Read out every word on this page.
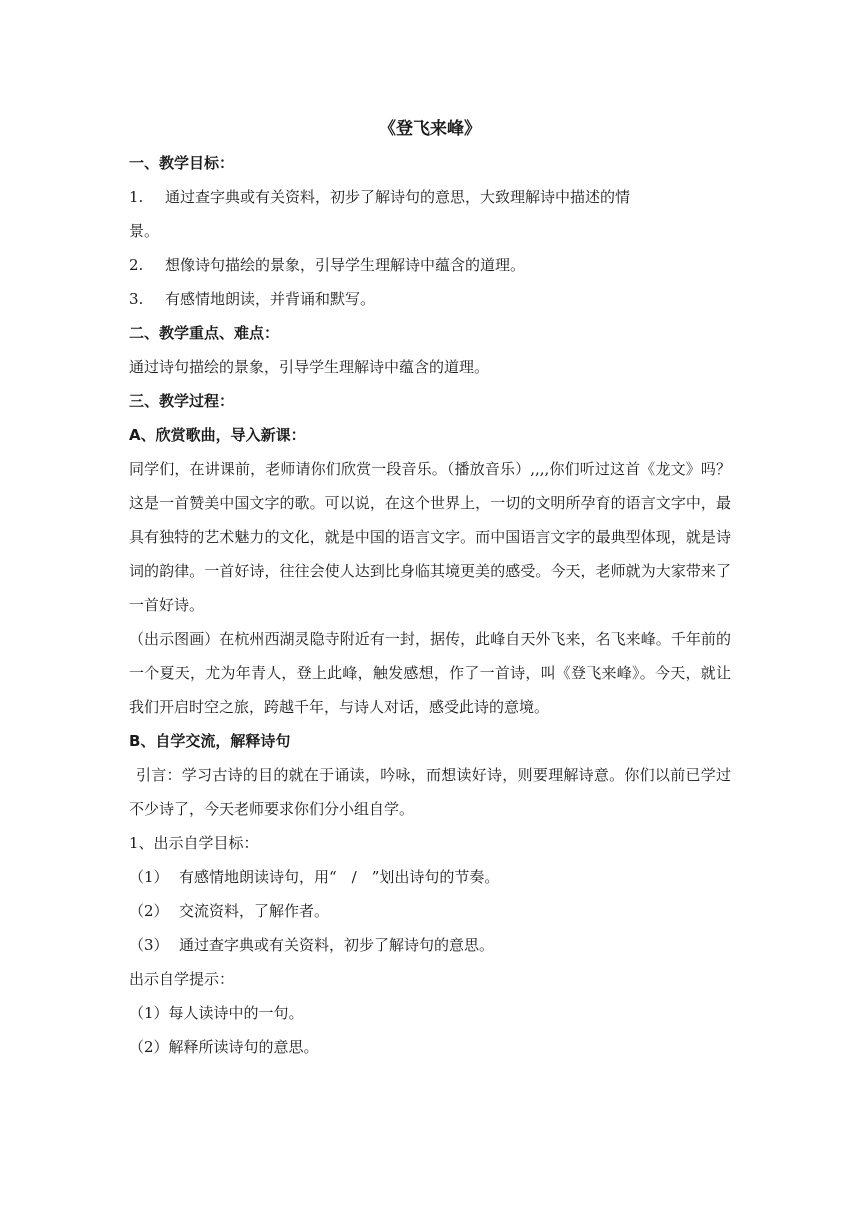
《登飞来峰》

一、教学目标：

1. 通过查字典或有关资料，初步了解诗句的意思，大致理解诗中描述的情

景。

2. 想像诗句描绘的景象，引导学生理解诗中蕴含的道理。

3. 有感情地朗读，并背诵和默写。

二、教学重点、难点：

通过诗句描绘的景象，引导学生理解诗中蕴含的道理。

三、教学过程：

A、欣赏歌曲，导入新课：

同学们，在讲课前，老师请你们欣赏一段音乐。（播放音乐）,,,,你们听过这首《龙文》吗？这是一首赞美中国文字的歌。可以说，在这个世界上，一切的文明所孕育的语言文字中，最具有独特的艺术魅力的文化，就是中国的语言文字。而中国语言文字的最典型体现，就是诗词的韵律。一首好诗，往往会使人达到比身临其境更美的感受。今天，老师就为大家带来了一首好诗。

（出示图画）在杭州西湖灵隐寺附近有一封，据传，此峰自天外飞来，名飞来峰。千年前的一个夏天，尤为年青人，登上此峰，触发感想，作了一首诗，叫《登飞来峰》。今天，就让我们开启时空之旅，跨越千年，与诗人对话，感受此诗的意境。

B、自学交流，解释诗句

引言：学习古诗的目的就在于诵读，吟咏，而想读好诗，则要理解诗意。你们以前已学过不少诗了，今天老师要求你们分小组自学。

1、出示自学目标：

（1） 有感情地朗读诗句，用“　/　”划出诗句的节奏。

（2） 交流资料，了解作者。

（3） 通过查字典或有关资料，初步了解诗句的意思。

出示自学提示：

（1）每人读诗中的一句。

（2）解释所读诗句的意思。
